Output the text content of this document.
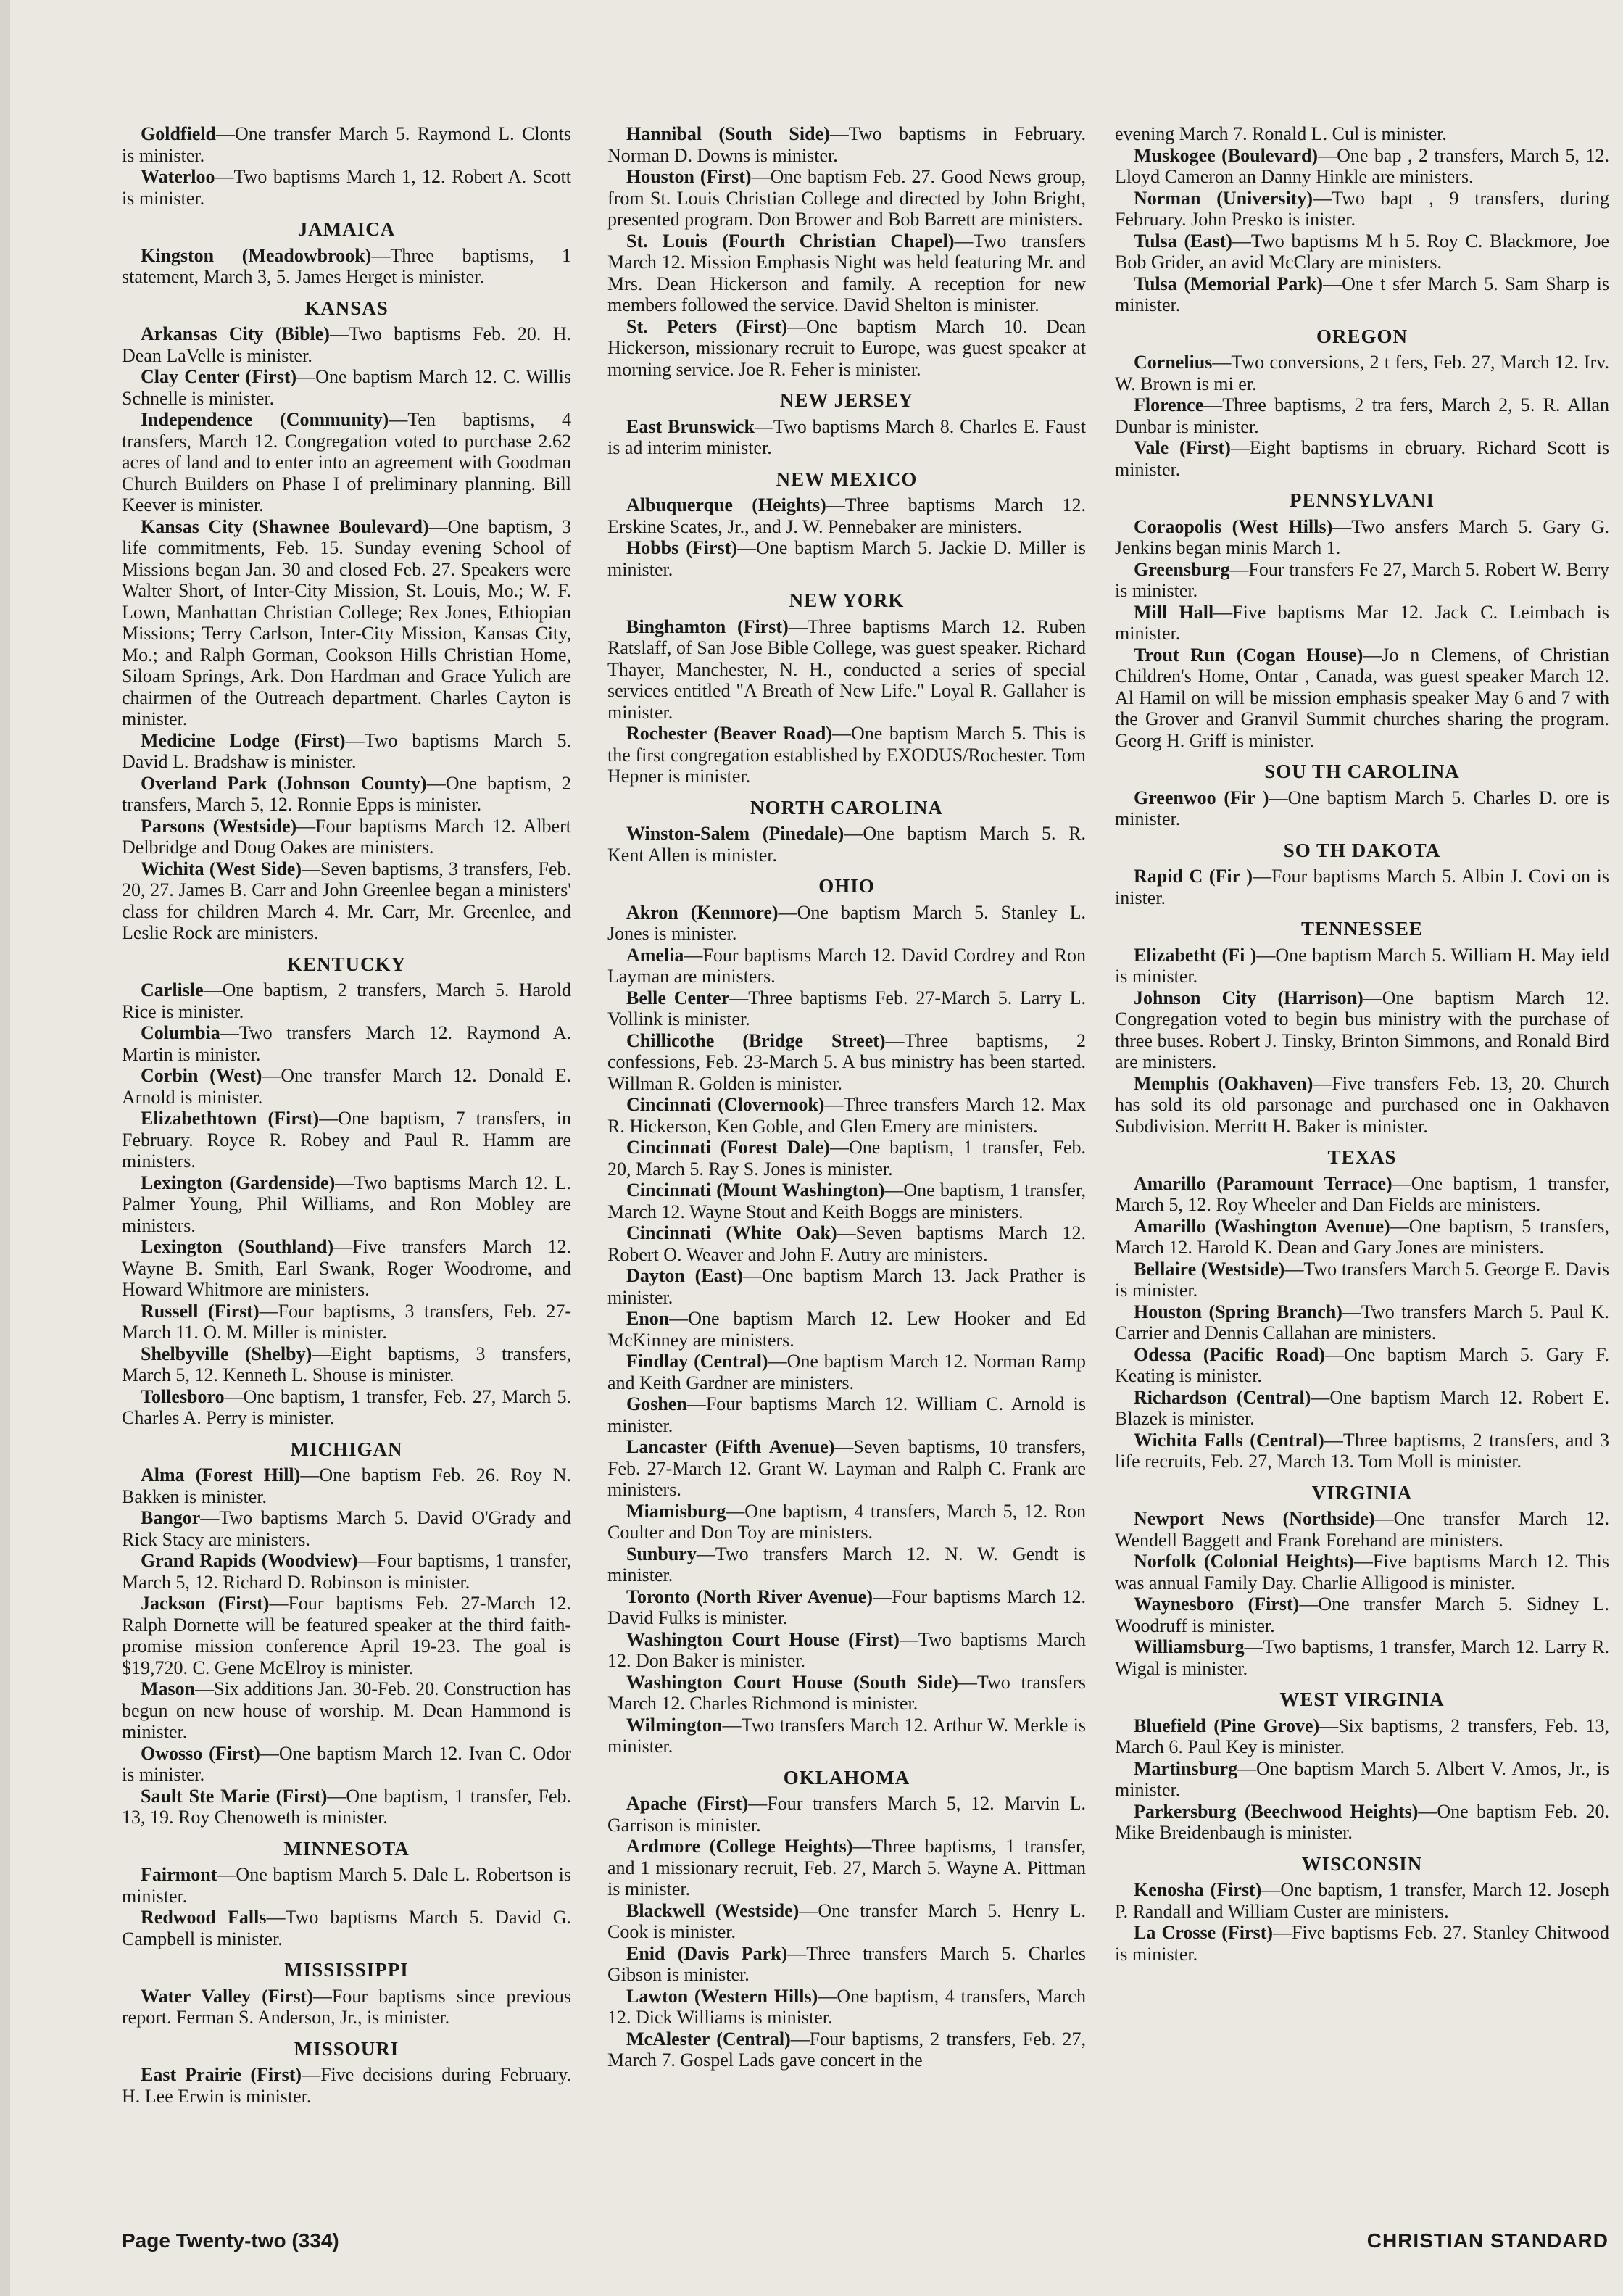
Goldfield—One transfer March 5. Raymond L. Clonts is minister.

Waterloo—Two baptisms March 1, 12. Robert A. Scott is minister.

JAMAICA

Kingston (Meadowbrook)—Three baptisms, 1 statement, March 3, 5. James Herget is minister.

KANSAS

Arkansas City (Bible)—Two baptisms Feb. 20. H. Dean LaVelle is minister.

Clay Center (First)—One baptism March 12. C. Willis Schnelle is minister.

Independence (Community)—Ten baptisms, 4 transfers, March 12. Congregation voted to purchase 2.62 acres of land and to enter into an agreement with Goodman Church Builders on Phase I of preliminary planning. Bill Keever is minister.

Kansas City (Shawnee Boulevard)—One baptism, 3 life commitments, Feb. 15. Sunday evening School of Missions began Jan. 30 and closed Feb. 27. Speakers were Walter Short, of Inter-City Mission, St. Louis, Mo.; W. F. Lown, Manhattan Christian College; Rex Jones, Ethiopian Missions; Terry Carlson, Inter-City Mission, Kansas City, Mo.; and Ralph Gorman, Cookson Hills Christian Home, Siloam Springs, Ark. Don Hardman and Grace Yulich are chairmen of the Outreach department. Charles Cayton is minister.

Medicine Lodge (First)—Two baptisms March 5. David L. Bradshaw is minister.

Overland Park (Johnson County)—One baptism, 2 transfers, March 5, 12. Ronnie Epps is minister.

Parsons (Westside)—Four baptisms March 12. Albert Delbridge and Doug Oakes are ministers.

Wichita (West Side)—Seven baptisms, 3 transfers, Feb. 20, 27. James B. Carr and John Greenlee began a ministers' class for children March 4. Mr. Carr, Mr. Greenlee, and Leslie Rock are ministers.

KENTUCKY

Carlisle—One baptism, 2 transfers, March 5. Harold Rice is minister.

Columbia—Two transfers March 12. Raymond A. Martin is minister.

Corbin (West)—One transfer March 12. Donald E. Arnold is minister.

Elizabethtown (First)—One baptism, 7 transfers, in February. Royce R. Robey and Paul R. Hamm are ministers.

Lexington (Gardenside)—Two baptisms March 12. L. Palmer Young, Phil Williams, and Ron Mobley are ministers.

Lexington (Southland)—Five transfers March 12. Wayne B. Smith, Earl Swank, Roger Woodrome, and Howard Whitmore are ministers.

Russell (First)—Four baptisms, 3 transfers, Feb. 27-March 11. O. M. Miller is minister.

Shelbyville (Shelby)—Eight baptisms, 3 transfers, March 5, 12. Kenneth L. Shouse is minister.

Tollesboro—One baptism, 1 transfer, Feb. 27, March 5. Charles A. Perry is minister.

MICHIGAN

Alma (Forest Hill)—One baptism Feb. 26. Roy N. Bakken is minister.

Bangor—Two baptisms March 5. David O'Grady and Rick Stacy are ministers.

Grand Rapids (Woodview)—Four baptisms, 1 transfer, March 5, 12. Richard D. Robinson is minister.

Jackson (First)—Four baptisms Feb. 27-March 12. Ralph Dornette will be featured speaker at the third faith-promise mission conference April 19-23. The goal is $19,720. C. Gene McElroy is minister.

Mason—Six additions Jan. 30-Feb. 20. Construction has begun on new house of worship. M. Dean Hammond is minister.

Owosso (First)—One baptism March 12. Ivan C. Odor is minister.

Sault Ste Marie (First)—One baptism, 1 transfer, Feb. 13, 19. Roy Chenoweth is minister.

MINNESOTA

Fairmont—One baptism March 5. Dale L. Robertson is minister.

Redwood Falls—Two baptisms March 5. David G. Campbell is minister.

MISSISSIPPI

Water Valley (First)—Four baptisms since previous report. Ferman S. Anderson, Jr., is minister.

MISSOURI

East Prairie (First)—Five decisions during February. H. Lee Erwin is minister.

Hannibal (South Side)—Two baptisms in February. Norman D. Downs is minister.

Houston (First)—One baptism Feb. 27. Good News group, from St. Louis Christian College and directed by John Bright, presented program. Don Brower and Bob Barrett are ministers.

St. Louis (Fourth Christian Chapel)—Two transfers March 12. Mission Emphasis Night was held featuring Mr. and Mrs. Dean Hickerson and family. A reception for new members followed the service. David Shelton is minister.

St. Peters (First)—One baptism March 10. Dean Hickerson, missionary recruit to Europe, was guest speaker at morning service. Joe R. Feher is minister.

NEW JERSEY

East Brunswick—Two baptisms March 8. Charles E. Faust is ad interim minister.

NEW MEXICO

Albuquerque (Heights)—Three baptisms March 12. Erskine Scates, Jr., and J. W. Pennebaker are ministers.

Hobbs (First)—One baptism March 5. Jackie D. Miller is minister.

NEW YORK

Binghamton (First)—Three baptisms March 12. Ruben Ratslaff, of San Jose Bible College, was guest speaker. Richard Thayer, Manchester, N. H., conducted a series of special services entitled "A Breath of New Life." Loyal R. Gallaher is minister.

Rochester (Beaver Road)—One baptism March 5. This is the first congregation established by EXODUS/Rochester. Tom Hepner is minister.

NORTH CAROLINA

Winston-Salem (Pinedale)—One baptism March 5. R. Kent Allen is minister.

OHIO

Akron (Kenmore)—One baptism March 5. Stanley L. Jones is minister.

Amelia—Four baptisms March 12. David Cordrey and Ron Layman are ministers.

Belle Center—Three baptisms Feb. 27-March 5. Larry L. Vollink is minister.

Chillicothe (Bridge Street)—Three baptisms, 2 confessions, Feb. 23-March 5. A bus ministry has been started. Willman R. Golden is minister.

Cincinnati (Clovernook)—Three transfers March 12. Max R. Hickerson, Ken Goble, and Glen Emery are ministers.

Cincinnati (Forest Dale)—One baptism, 1 transfer, Feb. 20, March 5. Ray S. Jones is minister.

Cincinnati (Mount Washington)—One baptism, 1 transfer, March 12. Wayne Stout and Keith Boggs are ministers.

Cincinnati (White Oak)—Seven baptisms March 12. Robert O. Weaver and John F. Autry are ministers.

Dayton (East)—One baptism March 13. Jack Prather is minister.

Enon—One baptism March 12. Lew Hooker and Ed McKinney are ministers.

Findlay (Central)—One baptism March 12. Norman Ramp and Keith Gardner are ministers.

Goshen—Four baptisms March 12. William C. Arnold is minister.

Lancaster (Fifth Avenue)—Seven baptisms, 10 transfers, Feb. 27-March 12. Grant W. Layman and Ralph C. Frank are ministers.

Miamisburg—One baptism, 4 transfers, March 5, 12. Ron Coulter and Don Toy are ministers.

Sunbury—Two transfers March 12. N. W. Gendt is minister.

Toronto (North River Avenue)—Four baptisms March 12. David Fulks is minister.

Washington Court House (First)—Two baptisms March 12. Don Baker is minister.

Washington Court House (South Side)—Two transfers March 12. Charles Richmond is minister.

Wilmington—Two transfers March 12. Arthur W. Merkle is minister.

OKLAHOMA

Apache (First)—Four transfers March 5, 12. Marvin L. Garrison is minister.

Ardmore (College Heights)—Three baptisms, 1 transfer, and 1 missionary recruit, Feb. 27, March 5. Wayne A. Pittman is minister.

Blackwell (Westside)—One transfer March 5. Henry L. Cook is minister.

Enid (Davis Park)—Three transfers March 5. Charles Gibson is minister.

Lawton (Western Hills)—One baptism, 4 transfers, March 12. Dick Williams is minister.

McAlester (Central)—Four baptisms, 2 transfers, Feb. 27, March 7. Gospel Lads gave concert in the

evening March 7. Ronald L. Cul is minister.

Muskogee (Boulevard)—One bap , 2 transfers, March 5, 12. Lloyd Cameron an Danny Hinkle are ministers.

Norman (University)—Two bapt , 9 transfers, during February. John Presko is inister.

Tulsa (East)—Two baptisms M h 5. Roy C. Blackmore, Joe Bob Grider, an avid McClary are ministers.

Tulsa (Memorial Park)—One t sfer March 5. Sam Sharp is minister.

OREGON

Cornelius—Two conversions, 2 t fers, Feb. 27, March 12. Irv. W. Brown is mi er.

Florence—Three baptisms, 2 tra fers, March 2, 5. R. Allan Dunbar is minister.

Vale (First)—Eight baptisms in ebruary. Richard Scott is minister.

PENNSYLVANI

Coraopolis (West Hills)—Two ansfers March 5. Gary G. Jenkins began minis March 1.

Greensburg—Four transfers Fe 27, March 5. Robert W. Berry is minister.

Mill Hall—Five baptisms Mar 12. Jack C. Leimbach is minister.

Trout Run (Cogan House)—Jo n Clemens, of Christian Children's Home, Ontar , Canada, was guest speaker March 12. Al Hamil on will be mission emphasis speaker May 6 and 7 with the Grover and Granvil Summit churches sharing the program. Georg H. Griff is minister.

SOU TH CAROLINA

Greenwoo (Fir )—One baptism March 5. Charles D. ore is minister.

SO TH DAKOTA

Rapid C (Fir )—Four baptisms March 5. Albin J. Covi on is inister.

TENNESSEE

Elizabetht (Fi )—One baptism March 5. William H. May ield is minister.

Johnson City (Harrison)—One baptism March 12. Congregation voted to begin bus ministry with the purchase of three buses. Robert J. Tinsky, Brinton Simmons, and Ronald Bird are ministers.

Memphis (Oakhaven)—Five transfers Feb. 13, 20. Church has sold its old parsonage and purchased one in Oakhaven Subdivision. Merritt H. Baker is minister.

TEXAS

Amarillo (Paramount Terrace)—One baptism, 1 transfer, March 5, 12. Roy Wheeler and Dan Fields are ministers.

Amarillo (Washington Avenue)—One baptism, 5 transfers, March 12. Harold K. Dean and Gary Jones are ministers.

Bellaire (Westside)—Two transfers March 5. George E. Davis is minister.

Houston (Spring Branch)—Two transfers March 5. Paul K. Carrier and Dennis Callahan are ministers.

Odessa (Pacific Road)—One baptism March 5. Gary F. Keating is minister.

Richardson (Central)—One baptism March 12. Robert E. Blazek is minister.

Wichita Falls (Central)—Three baptisms, 2 transfers, and 3 life recruits, Feb. 27, March 13. Tom Moll is minister.

VIRGINIA

Newport News (Northside)—One transfer March 12. Wendell Baggett and Frank Forehand are ministers.

Norfolk (Colonial Heights)—Five baptisms March 12. This was annual Family Day. Charlie Alligood is minister.

Waynesboro (First)—One transfer March 5. Sidney L. Woodruff is minister.

Williamsburg—Two baptisms, 1 transfer, March 12. Larry R. Wigal is minister.

WEST VIRGINIA

Bluefield (Pine Grove)—Six baptisms, 2 transfers, Feb. 13, March 6. Paul Key is minister.

Martinsburg—One baptism March 5. Albert V. Amos, Jr., is minister.

Parkersburg (Beechwood Heights)—One baptism Feb. 20. Mike Breidenbaugh is minister.

WISCONSIN

Kenosha (First)—One baptism, 1 transfer, March 12. Joseph P. Randall and William Custer are ministers.

La Crosse (First)—Five baptisms Feb. 27. Stanley Chitwood is minister.

Page Twenty-two (334)	CHRISTIAN STANDARD
